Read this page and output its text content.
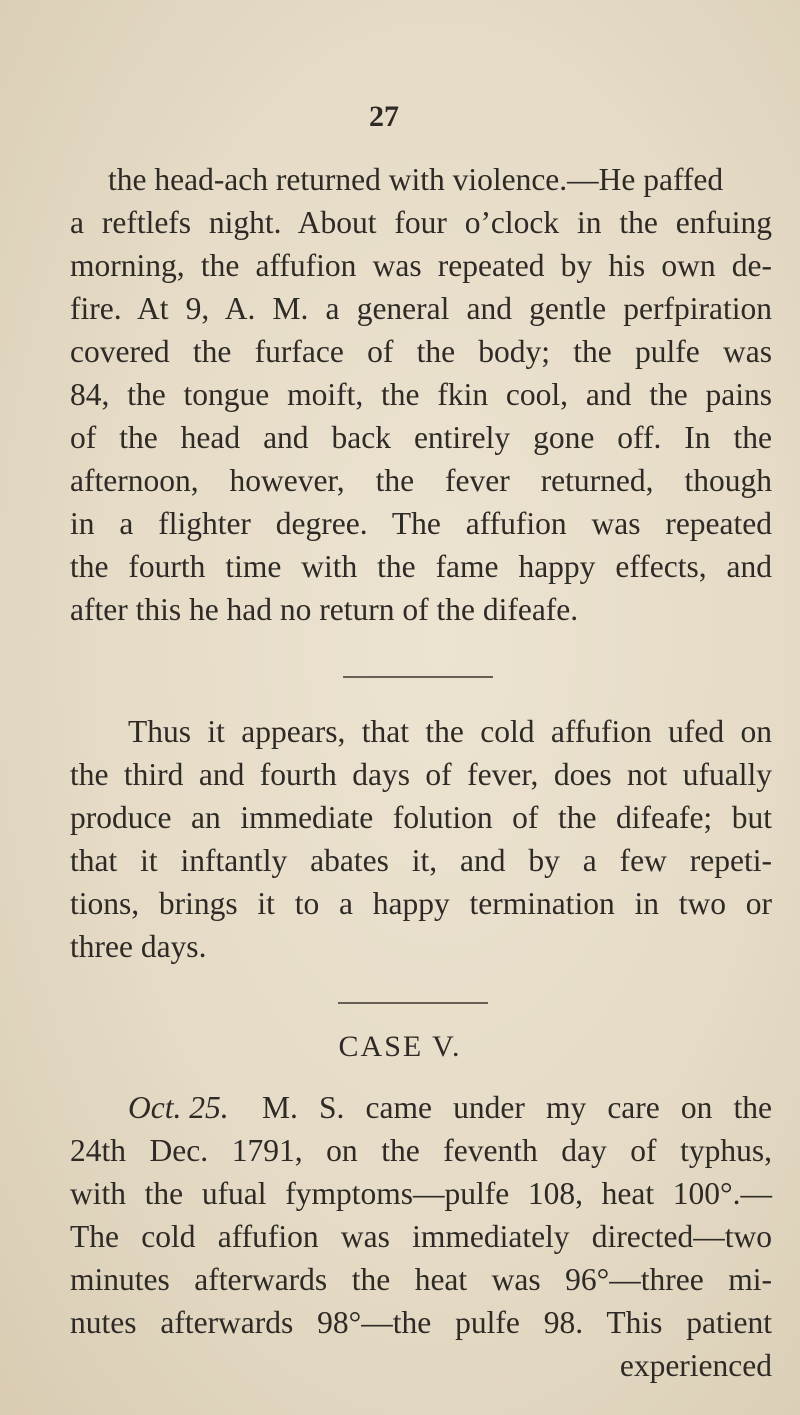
27
the head-ach returned with violence.—He paffed
a reftlefs night. About four o’clock in the enfuing
morning, the affufion was repeated by his own de-
fire. At 9, A. M. a general and gentle perfpiration
covered the furface of the body; the pulfe was
84, the tongue moift, the fkin cool, and the pains
of the head and back entirely gone off. In the
afternoon, however, the fever returned, though
in a flighter degree. The affufion was repeated
the fourth time with the fame happy effects, and
after this he had no return of the difeafe.
Thus it appears, that the cold affufion ufed on
the third and fourth days of fever, does not ufually
produce an immediate folution of the difeafe; but
that it inftantly abates it, and by a few repeti-
tions, brings it to a happy termination in two or
three days.
CASE V.
Oct. 25. M. S. came under my care on the
24th Dec. 1791, on the feventh day of typhus,
with the ufual fymptoms—pulfe 108, heat 100°.—
The cold affufion was immediately directed—two
minutes afterwards the heat was 96°—three mi-
nutes afterwards 98°—the pulfe 98. This patient
experienced
